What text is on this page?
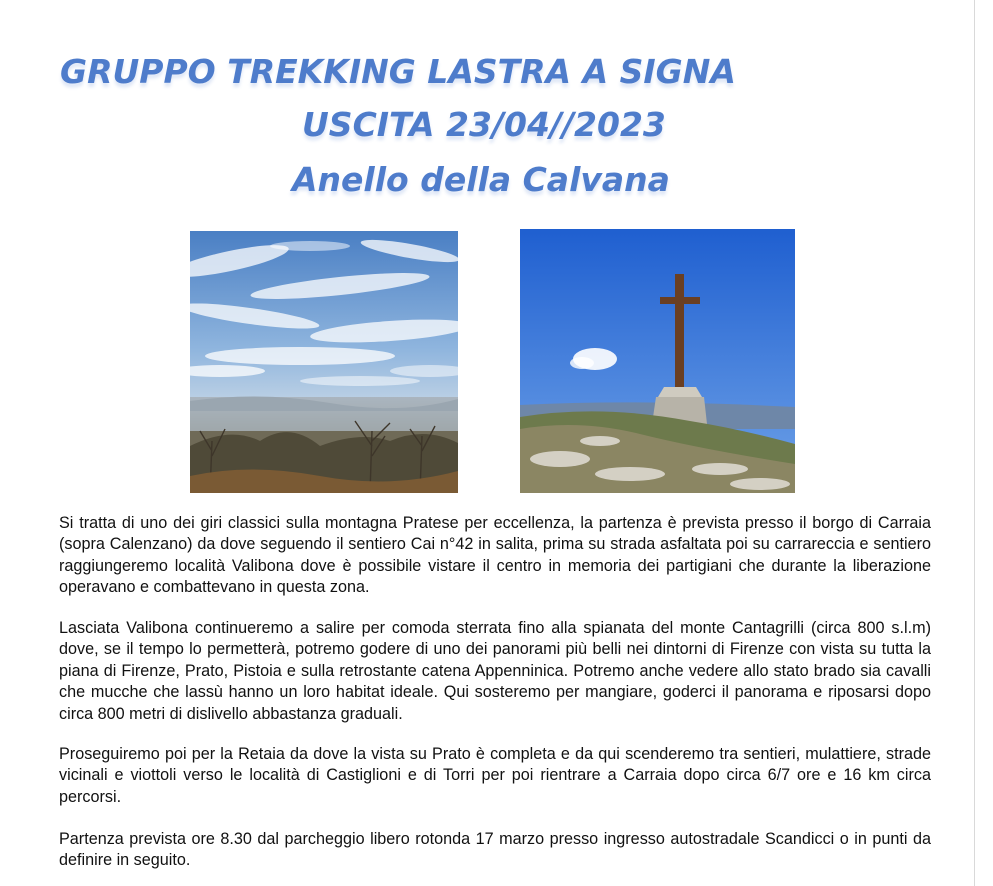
GRUPPO TREKKING LASTRA A SIGNA
USCITA 23/04//2023
Anello della Calvana

Si tratta di uno dei giri classici sulla montagna Pratese per eccellenza, la partenza è prevista presso il borgo di Carraia (sopra Calenzano) da dove seguendo il sentiero Cai n°42 in salita, prima su strada asfaltata poi su carrareccia e sentiero raggiungeremo località Valibona dove è possibile vistare il centro in memoria dei partigiani che durante la liberazione operavano e combattevano in questa zona.

Lasciata Valibona continueremo a salire per comoda sterrata fino alla spianata del monte Cantagrilli (circa 800 s.l.m) dove, se il tempo lo permetterà, potremo godere di uno dei panorami più belli nei dintorni di Firenze con vista su tutta la piana di Firenze, Prato, Pistoia e sulla retrostante catena Appenninica. Potremo anche vedere allo stato brado sia cavalli che mucche che lassù hanno un loro habitat ideale. Qui sosteremo per mangiare, goderci il panorama e riposarsi dopo circa 800 metri di dislivello abbastanza graduali.

Proseguiremo poi per la Retaia da dove la vista su Prato è completa e da qui scenderemo tra sentieri, mulattiere, strade vicinali e viottoli verso le località di Castiglioni e di Torri per poi rientrare a Carraia dopo circa 6/7 ore e 16 km circa percorsi.

Partenza prevista ore 8.30 dal parcheggio libero rotonda 17 marzo presso ingresso autostradale Scandicci o in punti da definire in seguito.
